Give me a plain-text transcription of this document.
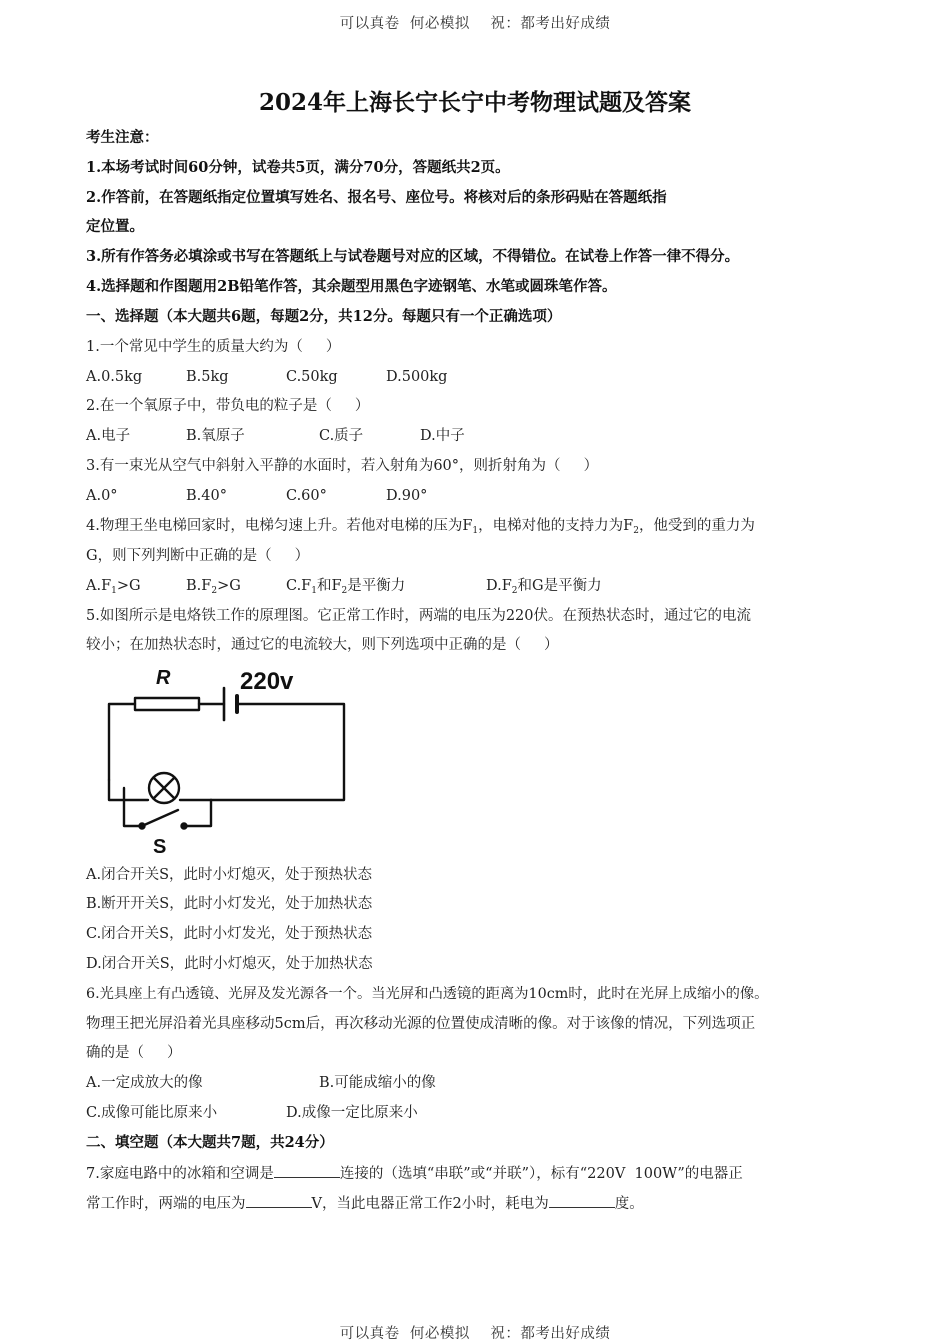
可以真卷  何必模拟    祝：都考出好成绩
2024年上海长宁长宁中考物理试题及答案
考生注意：
1.本场考试时间60分钟，试卷共5页，满分70分，答题纸共2页。
2.作答前，在答题纸指定位置填写姓名、报名号、座位号。将核对后的条形码贴在答题纸指
定位置。
3.所有作答务必填涂或书写在答题纸上与试卷题号对应的区域，不得错位。在试卷上作答一律不得分。
4.选择题和作图题用2B铅笔作答，其余题型用黑色字迹钢笔、水笔或圆珠笔作答。
一、选择题（本大题共6题，每题2分，共12分。每题只有一个正确选项）
1.一个常见中学生的质量大约为（     ）

A.0.5kg

	B.5kg

	C.50kg

	D.500kg

2.在一个氧原子中，带负电的粒子是（     ）

A.电子

	B.氧原子

	C.质子

	D.中子

3.有一束光从空气中斜射入平静的水面时，若入射角为60°，则折射角为（     ）

A.0°

	B.40°

	C.60°

	D.90°

4.物理王坐电梯回家时，电梯匀速上升。若他对电梯的压为$F_1$，电梯对他的支持力为$F_2$，他受到的重力为
G，则下列判断中正确的是（     ）

$A.F_1>G$

	$B.F_2>G$

	$C.F_1$和$F_2$是平衡力

	$D.F_2$和G是平衡力

5.如图所示是电烙铁工作的原理图。它正常工作时，两端的电压为220伏。在预热状态时，通过它的电流
较小；在加热状态时，通过它的电流较大，则下列选项中正确的是（     ）
R	220v
S
A.闭合开关S，此时小灯熄灭，处于预热状态
B.断开开关S，此时小灯发光，处于加热状态
C.闭合开关S，此时小灯发光，处于预热状态
D.闭合开关S，此时小灯熄灭，处于加热状态
6.光具座上有凸透镜、光屏及发光源各一个。当光屏和凸透镜的距离为10cm时，此时在光屏上成缩小的像。
物理王把光屏沿着光具座移动5cm后，再次移动光源的位置使成清晰的像。对于该像的情况，下列选项正
确的是（     ）

A.一定成放大的像

	B.可能成缩小的像

C.成像可能比原来小

	D.成像一定比原来小

二、填空题（本大题共7题，共24分）
7.家庭电路中的冰箱和空调是	连接的（选填“串联”或“并联”），标有“220V  100W”的电器正
常工作时，两端的电压为	V，当此电器正常工作2小时，耗电为	度。
可以真卷  何必模拟    祝：都考出好成绩
